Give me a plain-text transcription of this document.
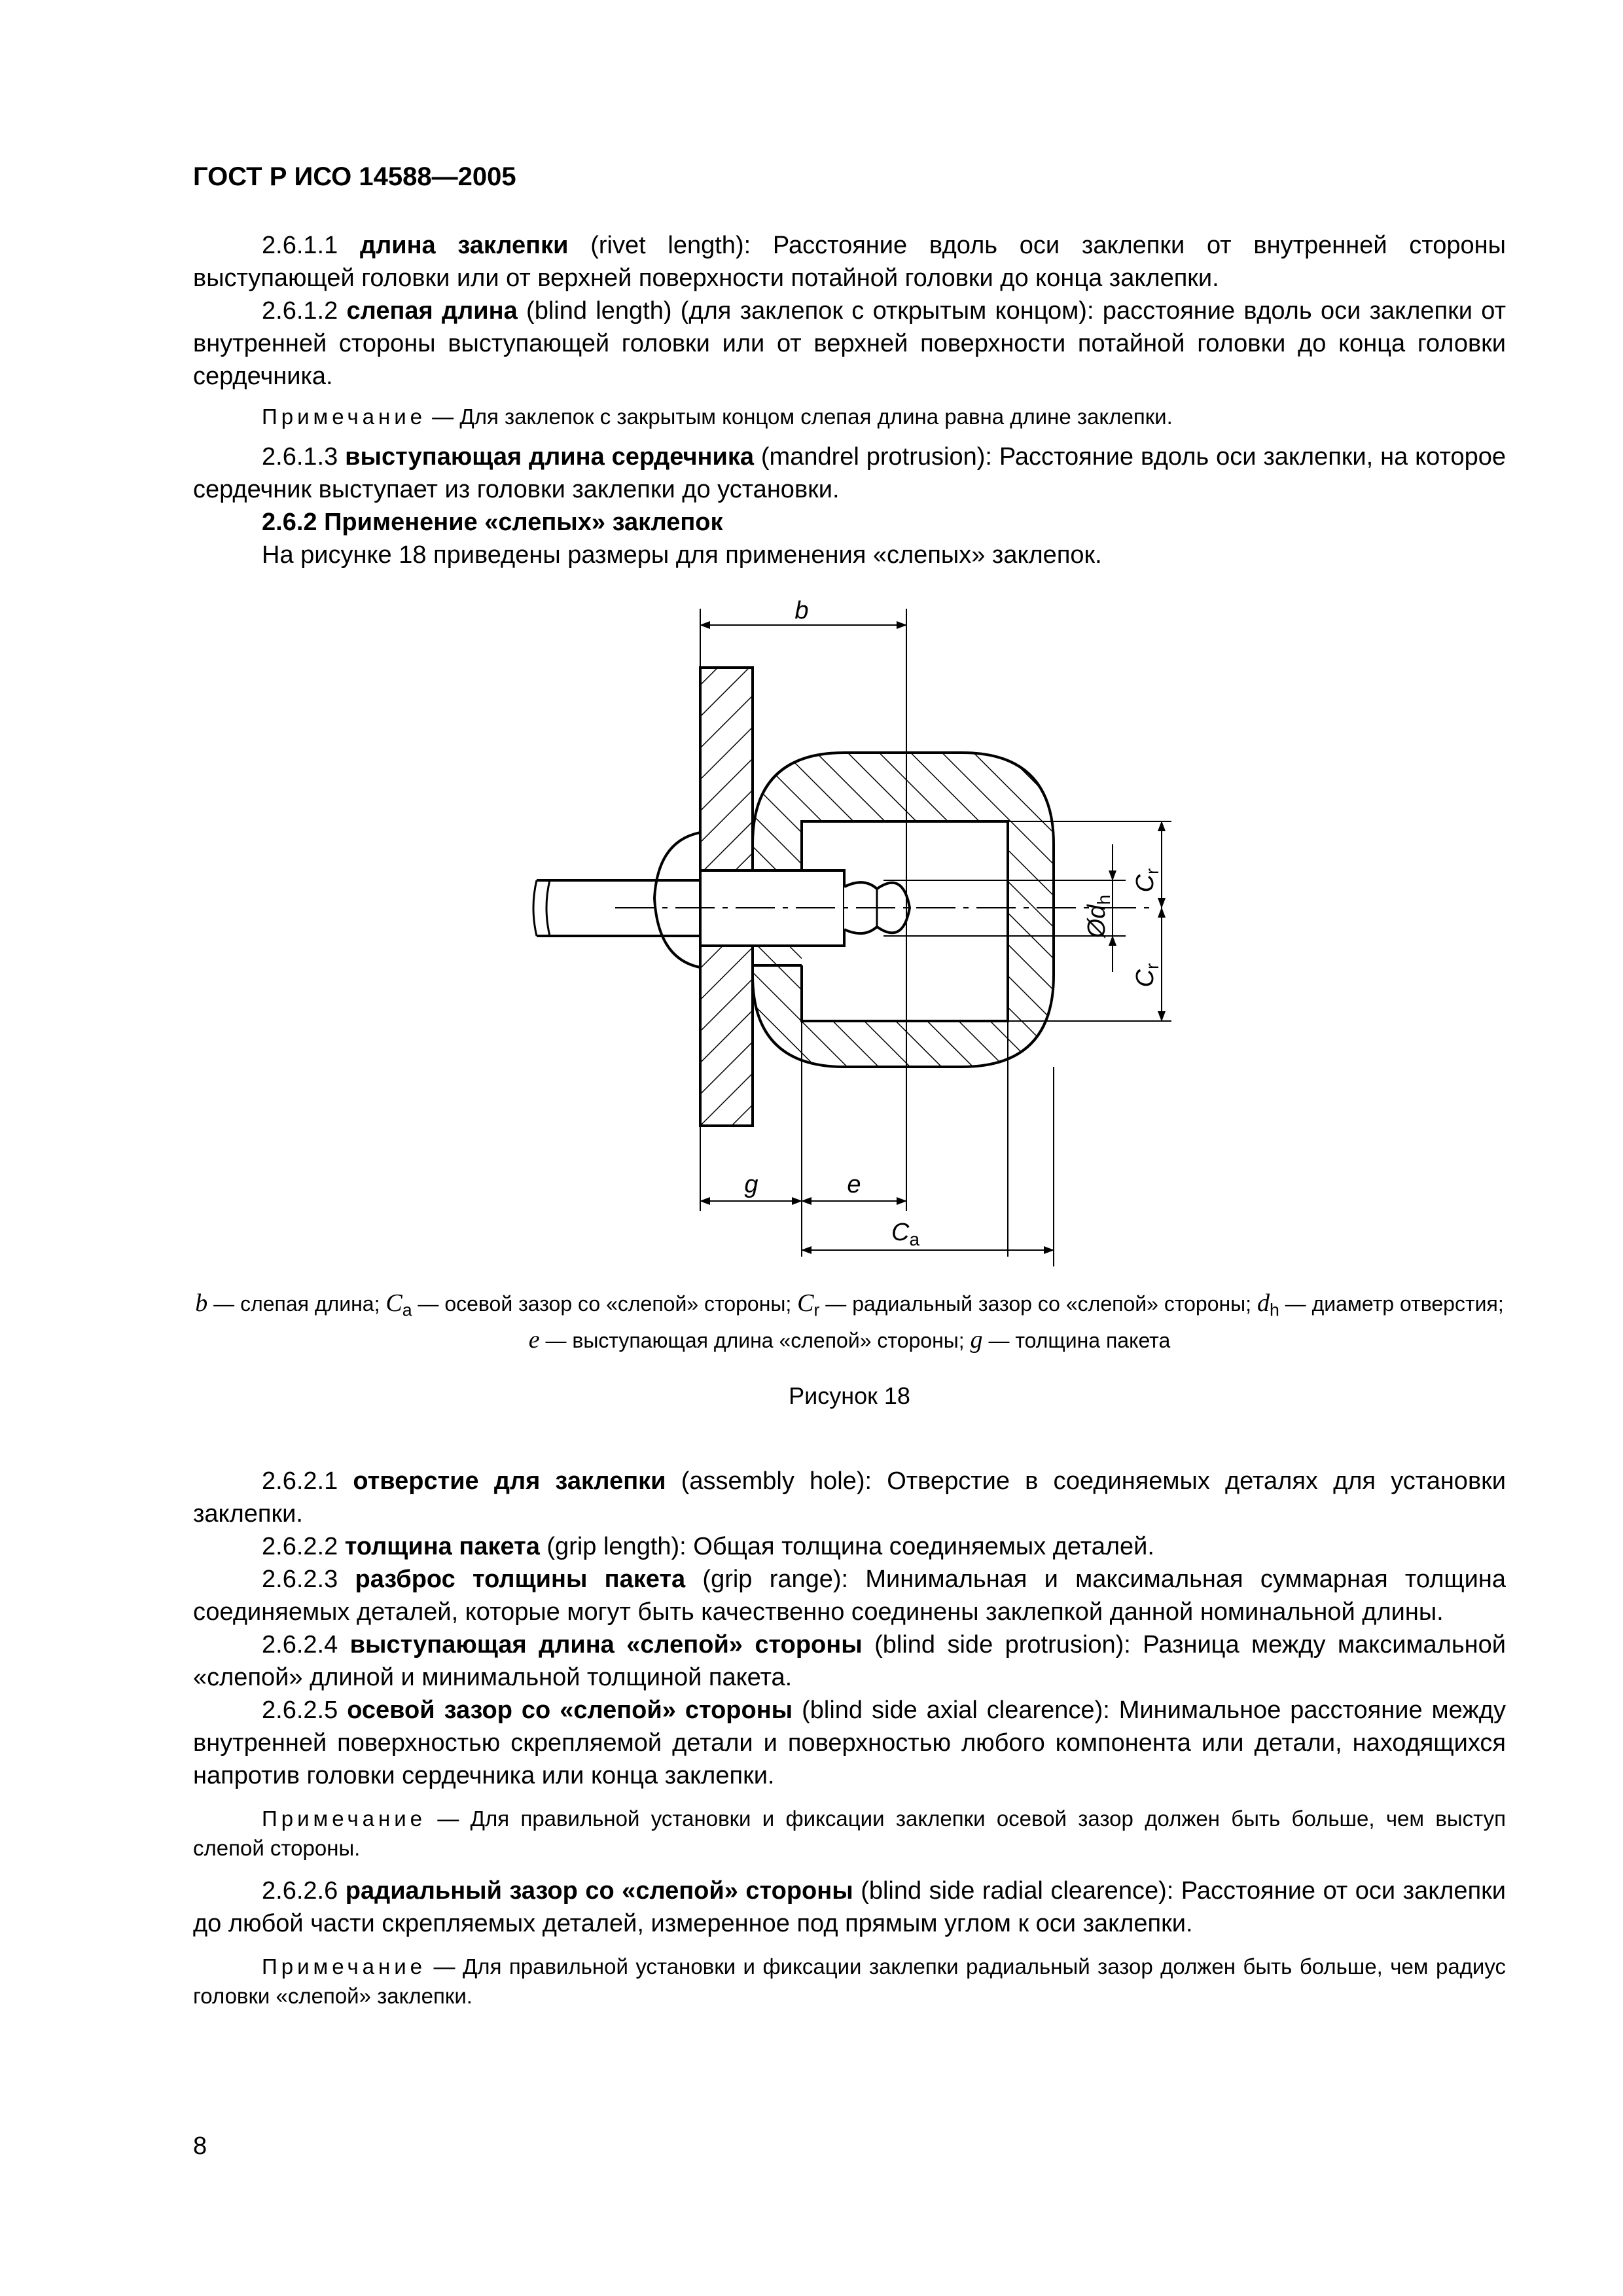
ГОСТ Р ИСО 14588—2005

2.6.1.1 длина заклепки (rivet length): Расстояние вдоль оси заклепки от внутренней стороны выступающей головки или от верхней поверхности потайной головки до конца заклепки.

2.6.1.2 слепая длина (blind length) (для заклепок с открытым концом): расстояние вдоль оси заклепки от внутренней стороны выступающей головки или от верхней поверхности потайной головки до конца головки сердечника.

Примечание — Для заклепок с закрытым концом слепая длина равна длине заклепки.

2.6.1.3 выступающая длина сердечника (mandrel protrusion): Расстояние вдоль оси заклепки, на которое сердечник выступает из головки заклепки до установки.

2.6.2 Применение «слепых» заклепок

На рисунке 18 приведены размеры для применения «слепых» заклепок.

b
g	e
$C_a$
$C_r$
$C_r$
$Ød_h$
b — слепая длина; $C_a$ — осевой зазор со «слепой» стороны; $C_r$ — радиальный зазор со «слепой» стороны; $d_h$ — диаметр отверстия; e — выступающая длина «слепой» стороны; g — толщина пакета
Рисунок 18

2.6.2.1 отверстие для заклепки (assembly hole): Отверстие в соединяемых деталях для установки заклепки.

2.6.2.2 толщина пакета (grip length): Общая толщина соединяемых деталей.

2.6.2.3 разброс толщины пакета (grip range): Минимальная и максимальная суммарная толщина соединяемых деталей, которые могут быть качественно соединены заклепкой данной номинальной длины.

2.6.2.4 выступающая длина «слепой» стороны (blind side protrusion): Разница между максимальной «слепой» длиной и минимальной толщиной пакета.

2.6.2.5 осевой зазор со «слепой» стороны (blind side axial clearence): Минимальное расстояние между внутренней поверхностью скрепляемой детали и поверхностью любого компонента или детали, находящихся напротив головки сердечника или конца заклепки.

Примечание — Для правильной установки и фиксации заклепки осевой зазор должен быть больше, чем выступ слепой стороны.

2.6.2.6 радиальный зазор со «слепой» стороны (blind side radial clearence): Расстояние от оси заклепки до любой части скрепляемых деталей, измеренное под прямым углом к оси заклепки.

Примечание — Для правильной установки и фиксации заклепки радиальный зазор должен быть больше, чем радиус головки «слепой» заклепки.

8
